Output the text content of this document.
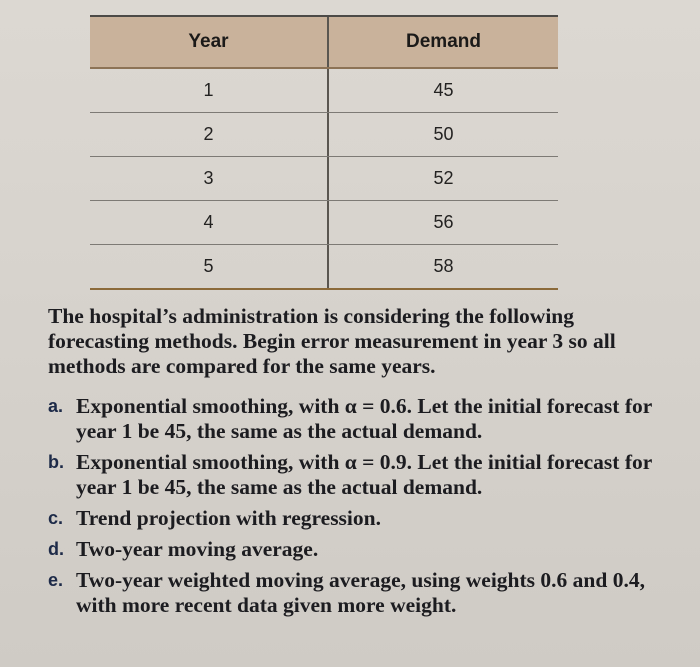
Year	Demand
1	45
2	50
3	52
4	56
5	58
The hospital’s administration is considering the following forecasting methods. Begin error measurement in year 3 so all methods are compared for the same years.
a. Exponential smoothing, with α = 0.6. Let the initial forecast for year 1 be 45, the same as the actual demand.
b. Exponential smoothing, with α = 0.9. Let the initial forecast for year 1 be 45, the same as the actual demand.
c. Trend projection with regression.
d. Two-year moving average.
e. Two-year weighted moving average, using weights 0.6 and 0.4, with more recent data given more weight.
